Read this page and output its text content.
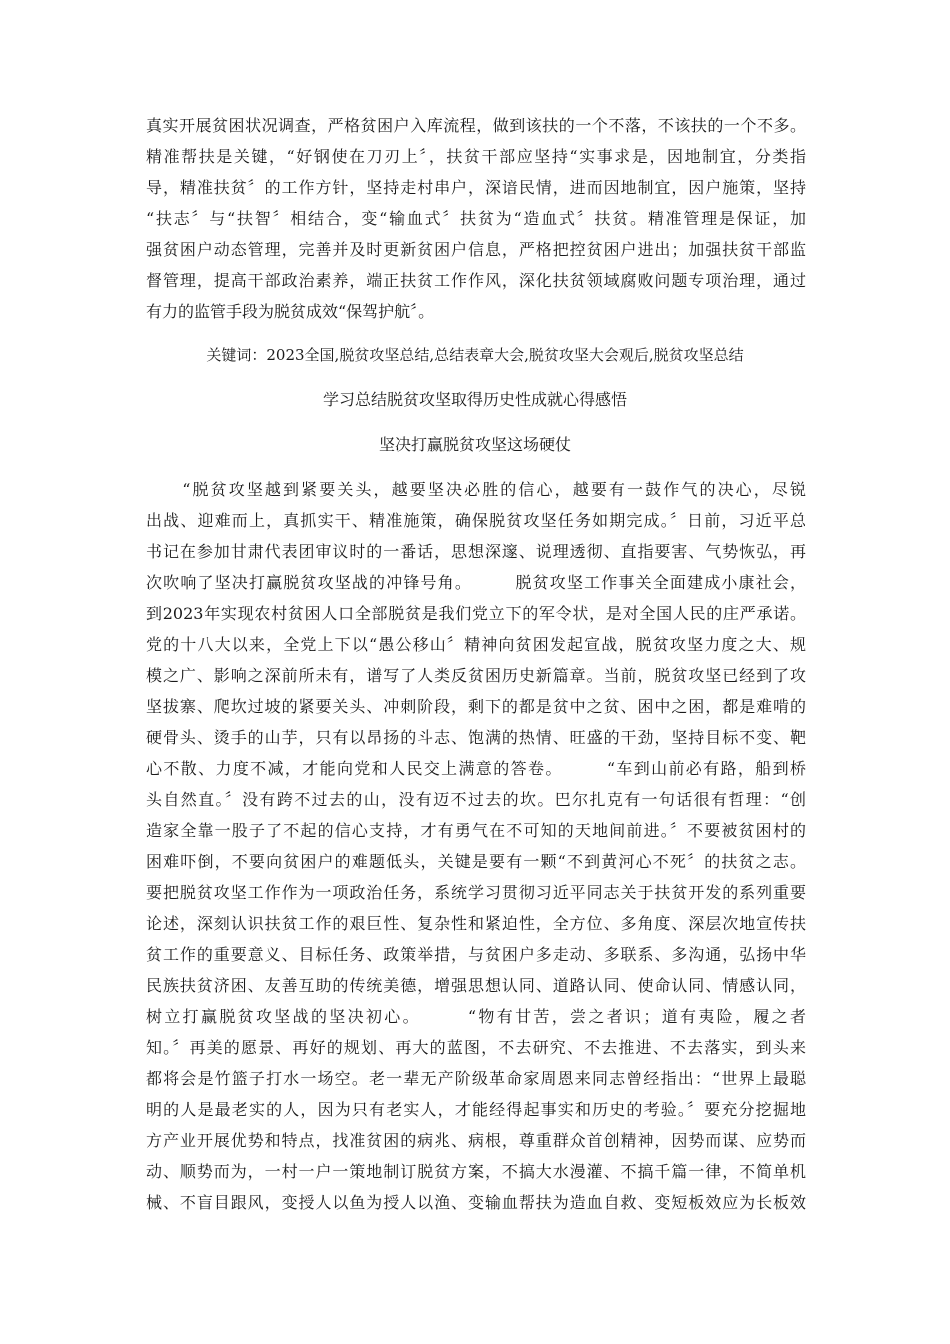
真实开展贫困状况调查，严格贫困户入库流程，做到该扶的一个不落，不该扶的一个不多。
精准帮扶是关键，“好钢使在刀刃上〞，扶贫干部应坚持“实事求是，因地制宜，分类指
导，精准扶贫〞的工作方针，坚持走村串户，深谙民情，进而因地制宜，因户施策，坚持
“扶志〞与“扶智〞相结合，变“输血式〞扶贫为“造血式〞扶贫。精准管理是保证，加
强贫困户动态管理，完善并及时更新贫困户信息，严格把控贫困户进出；加强扶贫干部监
督管理，提高干部政治素养，端正扶贫工作作风，深化扶贫领域腐败问题专项治理，通过
有力的监管手段为脱贫成效“保驾护航〞。
关键词：2023全国,脱贫攻坚总结,总结表章大会,脱贫攻坚大会观后,脱贫攻坚总结
学习总结脱贫攻坚取得历史性成就心得感悟
坚决打赢脱贫攻坚这场硬仗
　　“脱贫攻坚越到紧要关头，越要坚决必胜的信心，越要有一鼓作气的决心，尽锐
出战、迎难而上，真抓实干、精准施策，确保脱贫攻坚任务如期完成。〞日前，习近平总
书记在参加甘肃代表团审议时的一番话，思想深邃、说理透彻、直指要害、气势恢弘，再
次吹响了坚决打赢脱贫攻坚战的冲锋号角。　　　脱贫攻坚工作事关全面建成小康社会，
到2023年实现农村贫困人口全部脱贫是我们党立下的军令状，是对全国人民的庄严承诺。
党的十八大以来，全党上下以“愚公移山〞精神向贫困发起宣战，脱贫攻坚力度之大、规
模之广、影响之深前所未有，谱写了人类反贫困历史新篇章。当前，脱贫攻坚已经到了攻
坚拔寨、爬坎过坡的紧要关头、冲刺阶段，剩下的都是贫中之贫、困中之困，都是难啃的
硬骨头、烫手的山芋，只有以昂扬的斗志、饱满的热情、旺盛的干劲，坚持目标不变、靶
心不散、力度不减，才能向党和人民交上满意的答卷。　　　“车到山前必有路，船到桥
头自然直。〞没有跨不过去的山，没有迈不过去的坎。巴尔扎克有一句话很有哲理：“创
造家全靠一股子了不起的信心支持，才有勇气在不可知的天地间前进。〞不要被贫困村的
困难吓倒，不要向贫困户的难题低头，关键是要有一颗“不到黄河心不死〞的扶贫之志。
要把脱贫攻坚工作作为一项政治任务，系统学习贯彻习近平同志关于扶贫开发的系列重要
论述，深刻认识扶贫工作的艰巨性、复杂性和紧迫性，全方位、多角度、深层次地宣传扶
贫工作的重要意义、目标任务、政策举措，与贫困户多走动、多联系、多沟通，弘扬中华
民族扶贫济困、友善互助的传统美德，增强思想认同、道路认同、使命认同、情感认同，
树立打赢脱贫攻坚战的坚决初心。　　　“物有甘苦，尝之者识；道有夷险，履之者
知。〞再美的愿景、再好的规划、再大的蓝图，不去研究、不去推进、不去落实，到头来
都将会是竹篮子打水一场空。老一辈无产阶级革命家周恩来同志曾经指出：“世界上最聪
明的人是最老实的人，因为只有老实人，才能经得起事实和历史的考验。〞要充分挖掘地
方产业开展优势和特点，找准贫困的病兆、病根，尊重群众首创精神，因势而谋、应势而
动、顺势而为，一村一户一策地制订脱贫方案，不搞大水漫灌、不搞千篇一律，不简单机
械、不盲目跟风，变授人以鱼为授人以渔、变输血帮扶为造血自救、变短板效应为长板效
